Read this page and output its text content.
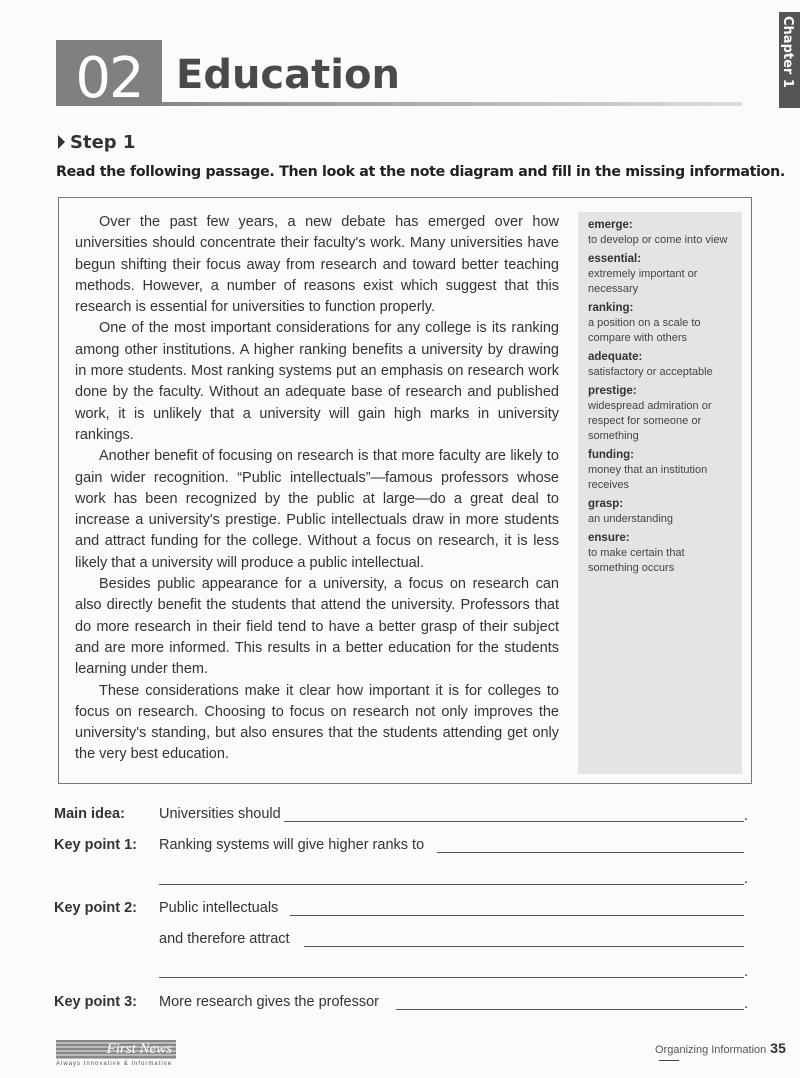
Chapter 1
02 Education
Step 1
Read the following passage. Then look at the note diagram and fill in the missing information.

Over the past few years, a new debate has emerged over how universities should concentrate their faculty's work. Many universities have begun shifting their focus away from research and toward better teaching methods. However, a number of reasons exist which suggest that this research is essential for universities to function properly.

One of the most important considerations for any college is its ranking among other institutions. A higher ranking benefits a university by drawing in more students. Most ranking systems put an emphasis on research work done by the faculty. Without an adequate base of research and published work, it is unlikely that a university will gain high marks in university rankings.

Another benefit of focusing on research is that more faculty are likely to gain wider recognition. “Public intellectuals”—famous professors whose work has been recognized by the public at large—do a great deal to increase a university's prestige. Public intellectuals draw in more students and attract funding for the college. Without a focus on research, it is less likely that a university will produce a public intellectual.

Besides public appearance for a university, a focus on research can also directly benefit the students that attend the university. Professors that do more research in their field tend to have a better grasp of their subject and are more informed. This results in a better education for the students learning under them.

These considerations make it clear how important it is for colleges to focus on research. Choosing to focus on research not only improves the university's standing, but also ensures that the students attending get only the very best education.

emerge:
to develop or come into view
essential:
extremely important or necessary
ranking:
a position on a scale to compare with others
adequate:
satisfactory or acceptable
prestige:
widespread admiration or respect for someone or something
funding:
money that an institution receives
grasp:
an understanding
ensure:
to make certain that something occurs
Main idea: Universities should	.
Key point 1: Ranking systems will give higher ranks to
.
Key point 2: Public intellectuals
and therefore attract
.
Key point 3: More research gives the professor	.
First News
Always Innovative & Informative
Organizing Information 35
